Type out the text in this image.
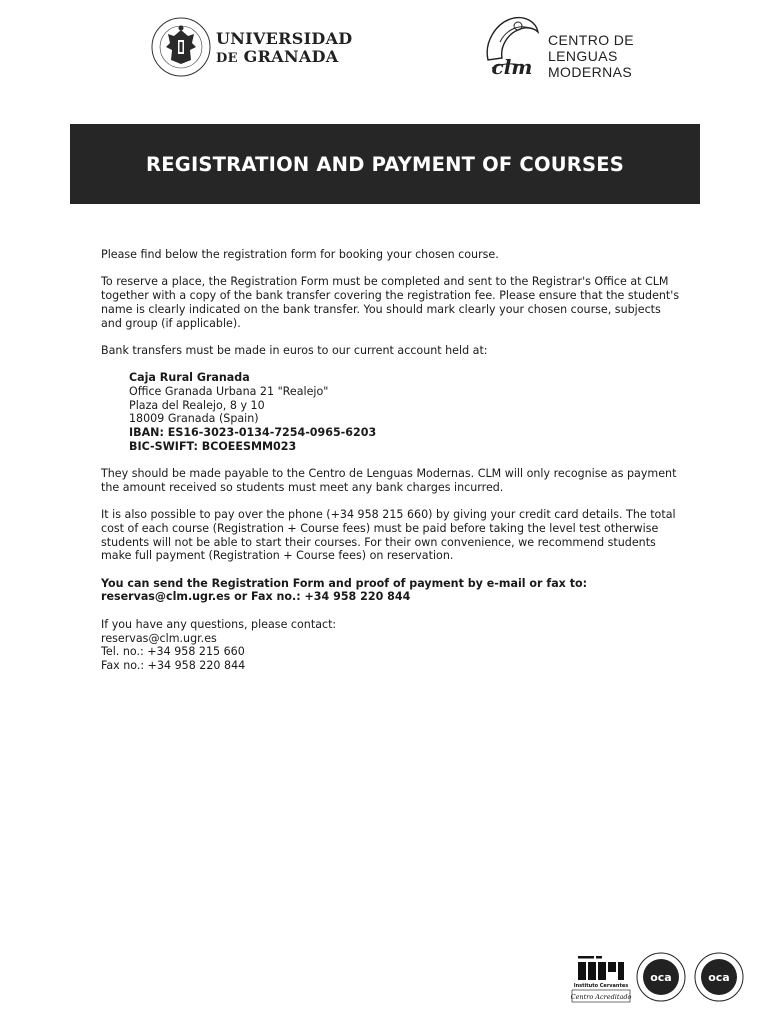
UNIVERSIDAD
DE GRANADA	clm
CENTRO DE
LENGUAS
MODERNAS
REGISTRATION AND PAYMENT OF COURSES

Please find below the registration form for booking your chosen course.

To reserve a place, the Registration Form must be completed and sent to the Registrar's Office at CLM together with a copy of the bank transfer covering the registration fee. Please ensure that the student's name is clearly indicated on the bank transfer. You should mark clearly your chosen course, subjects and group (if applicable).

Bank transfers must be made in euros to our current account held at:

Caja Rural Granada
Office Granada Urbana 21 "Realejo"
Plaza del Realejo, 8 y 10
18009 Granada (Spain)
IBAN: ES16-3023-0134-7254-0965-6203
BIC-SWIFT: BCOEESMM023

They should be made payable to the Centro de Lenguas Modernas. CLM will only recognise as payment the amount received so students must meet any bank charges incurred.

It is also possible to pay over the phone (+34 958 215 660) by giving your credit card details. The total cost of each course (Registration + Course fees) must be paid before taking the level test otherwise students will not be able to start their courses. For their own convenience, we recommend students make full payment (Registration + Course fees) on reservation.

You can send the Registration Form and proof of payment by e-mail or fax to:
reservas@clm.ugr.es or Fax no.: +34 958 220 844

If you have any questions, please contact:
reservas@clm.ugr.es
Tel. no.: +34 958 215 660
Fax no.: +34 958 220 844

Instituto Cervantes
Centro Acreditado
oca	oca
